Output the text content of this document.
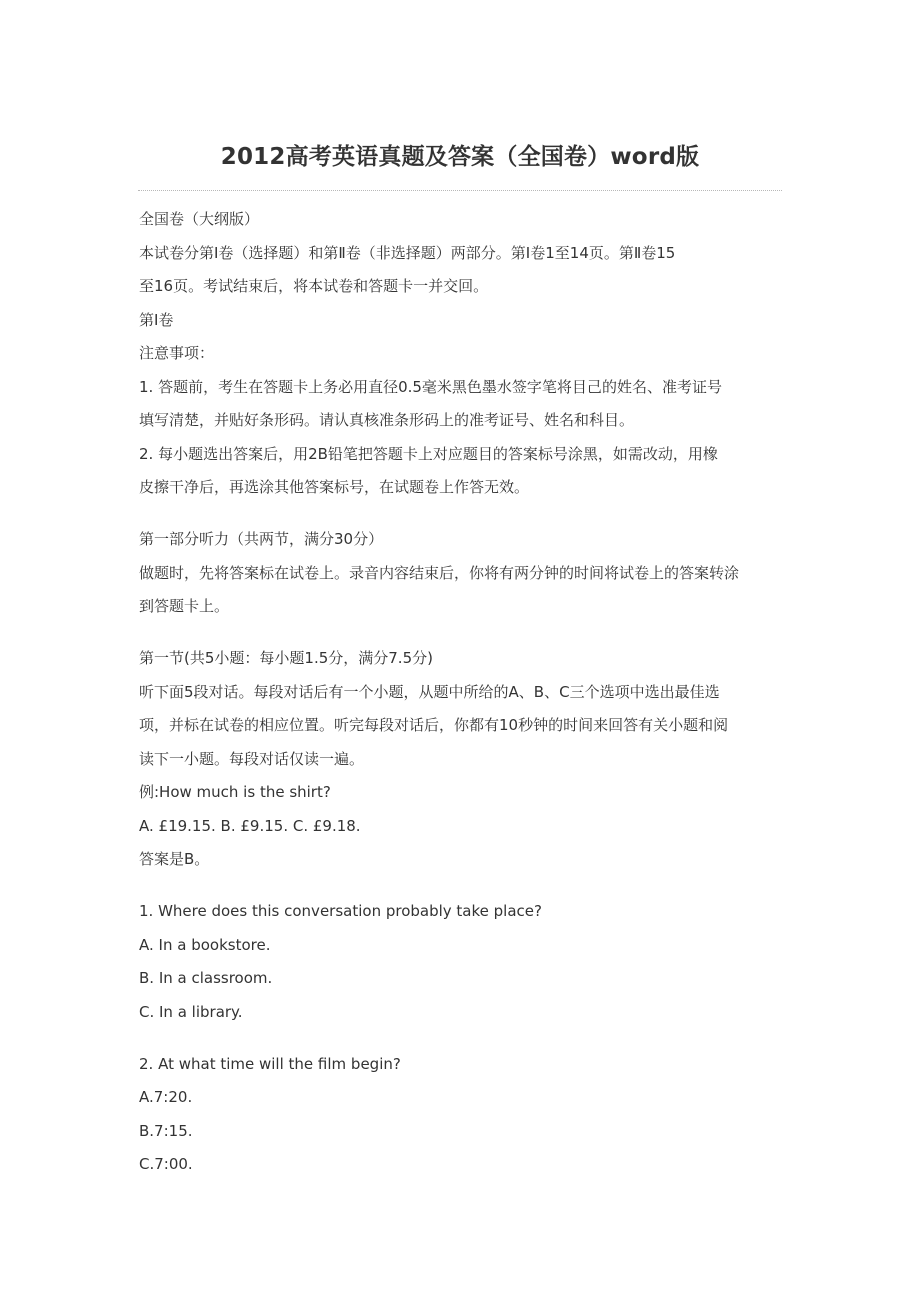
2012高考英语真题及答案（全国卷）word版
全国卷（大纲版）
本试卷分第Ⅰ卷（选择题）和第Ⅱ卷（非选择题）两部分。第Ⅰ卷1至14页。第Ⅱ卷15
至16页。考试结束后，将本试卷和答题卡一并交回。
第Ⅰ卷
注意事项：
1. 答题前，考生在答题卡上务必用直径0.5毫米黑色墨水签字笔将目己的姓名、准考证号
填写清楚，并贴好条形码。请认真核准条形码上的准考证号、姓名和科目。
2. 每小题选出答案后，用2B铅笔把答题卡上对应题目的答案标号涂黑，如需改动，用橡
皮擦干净后，再选涂其他答案标号，在试题卷上作答无效。
第一部分听力（共两节，满分30分）
做题时，先将答案标在试卷上。录音内容结束后，你将有两分钟的时间将试卷上的答案转涂
到答题卡上。
第一节(共5小题：每小题1.5分，满分7.5分)
听下面5段对话。每段对话后有一个小题，从题中所给的A、B、C三个选项中选出最佳选
项，并标在试卷的相应位置。听完每段对话后，你都有10秒钟的时间来回答有关小题和阅
读下一小题。每段对话仅读一遍。
例:How much is the shirt?
A. £19.15. B. £9.15. C. £9.18.
答案是B。
1. Where does this conversation probably take place?
A. In a bookstore.
B. In a classroom.
C. In a library.
2. At what time will the film begin?
A.7:20.
B.7:15.
C.7:00.
